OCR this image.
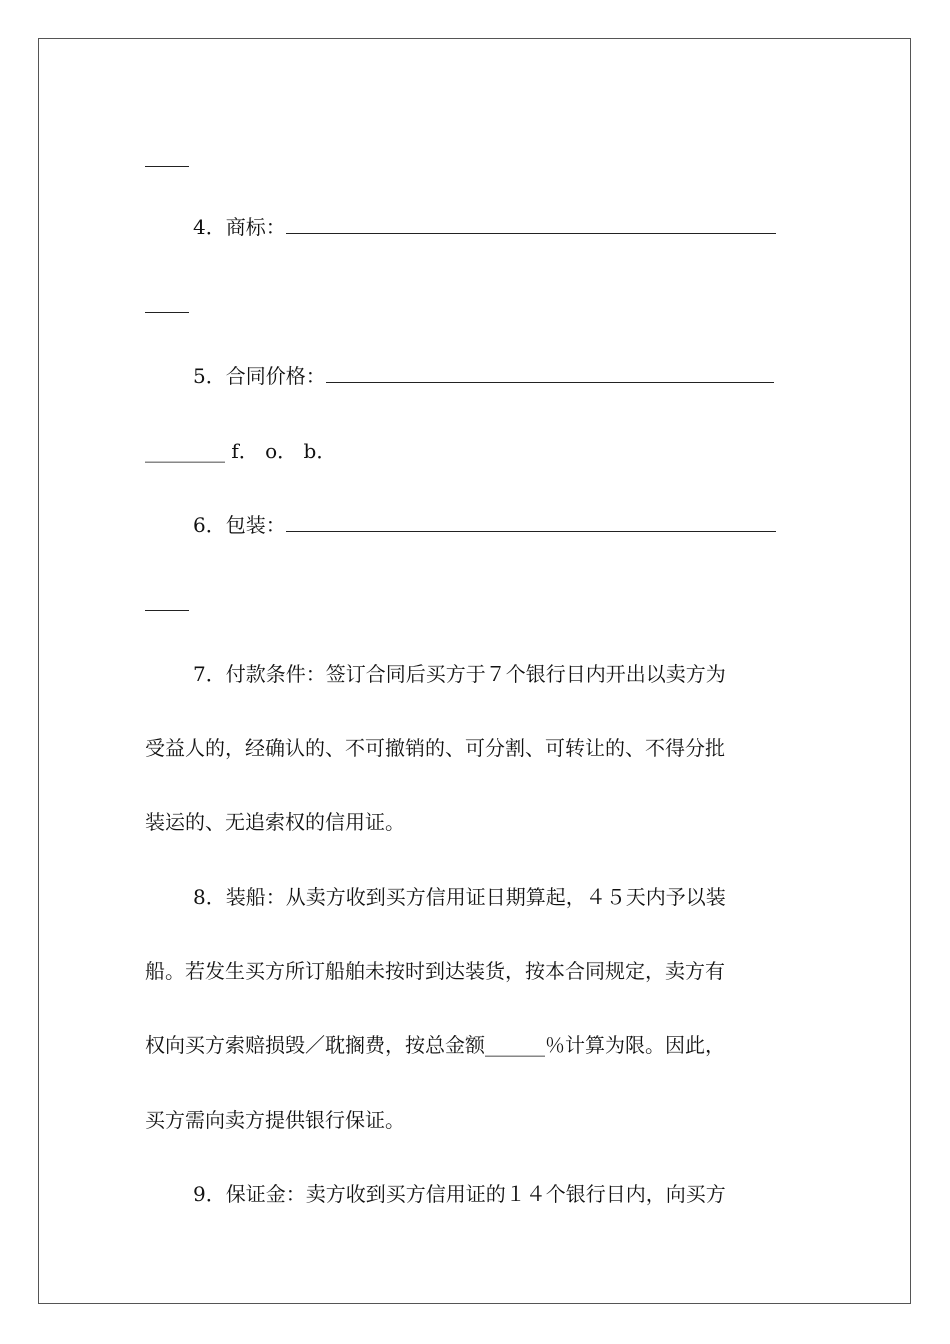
4．商标：
5．合同价格：
________ f． o． b．
6．包装：
7．付款条件：签订合同后买方于７个银行日内开出以卖方为
受益人的，经确认的、不可撤销的、可分割、可转让的、不得分批
装运的、无追索权的信用证。
8．装船：从卖方收到买方信用证日期算起，４５天内予以装
船。若发生买方所订船舶未按时到达装货，按本合同规定，卖方有
权向买方索赔损毁／耽搁费，按总金额______％计算为限。因此，
买方需向卖方提供银行保证。
9．保证金：卖方收到买方信用证的１４个银行日内，向买方
